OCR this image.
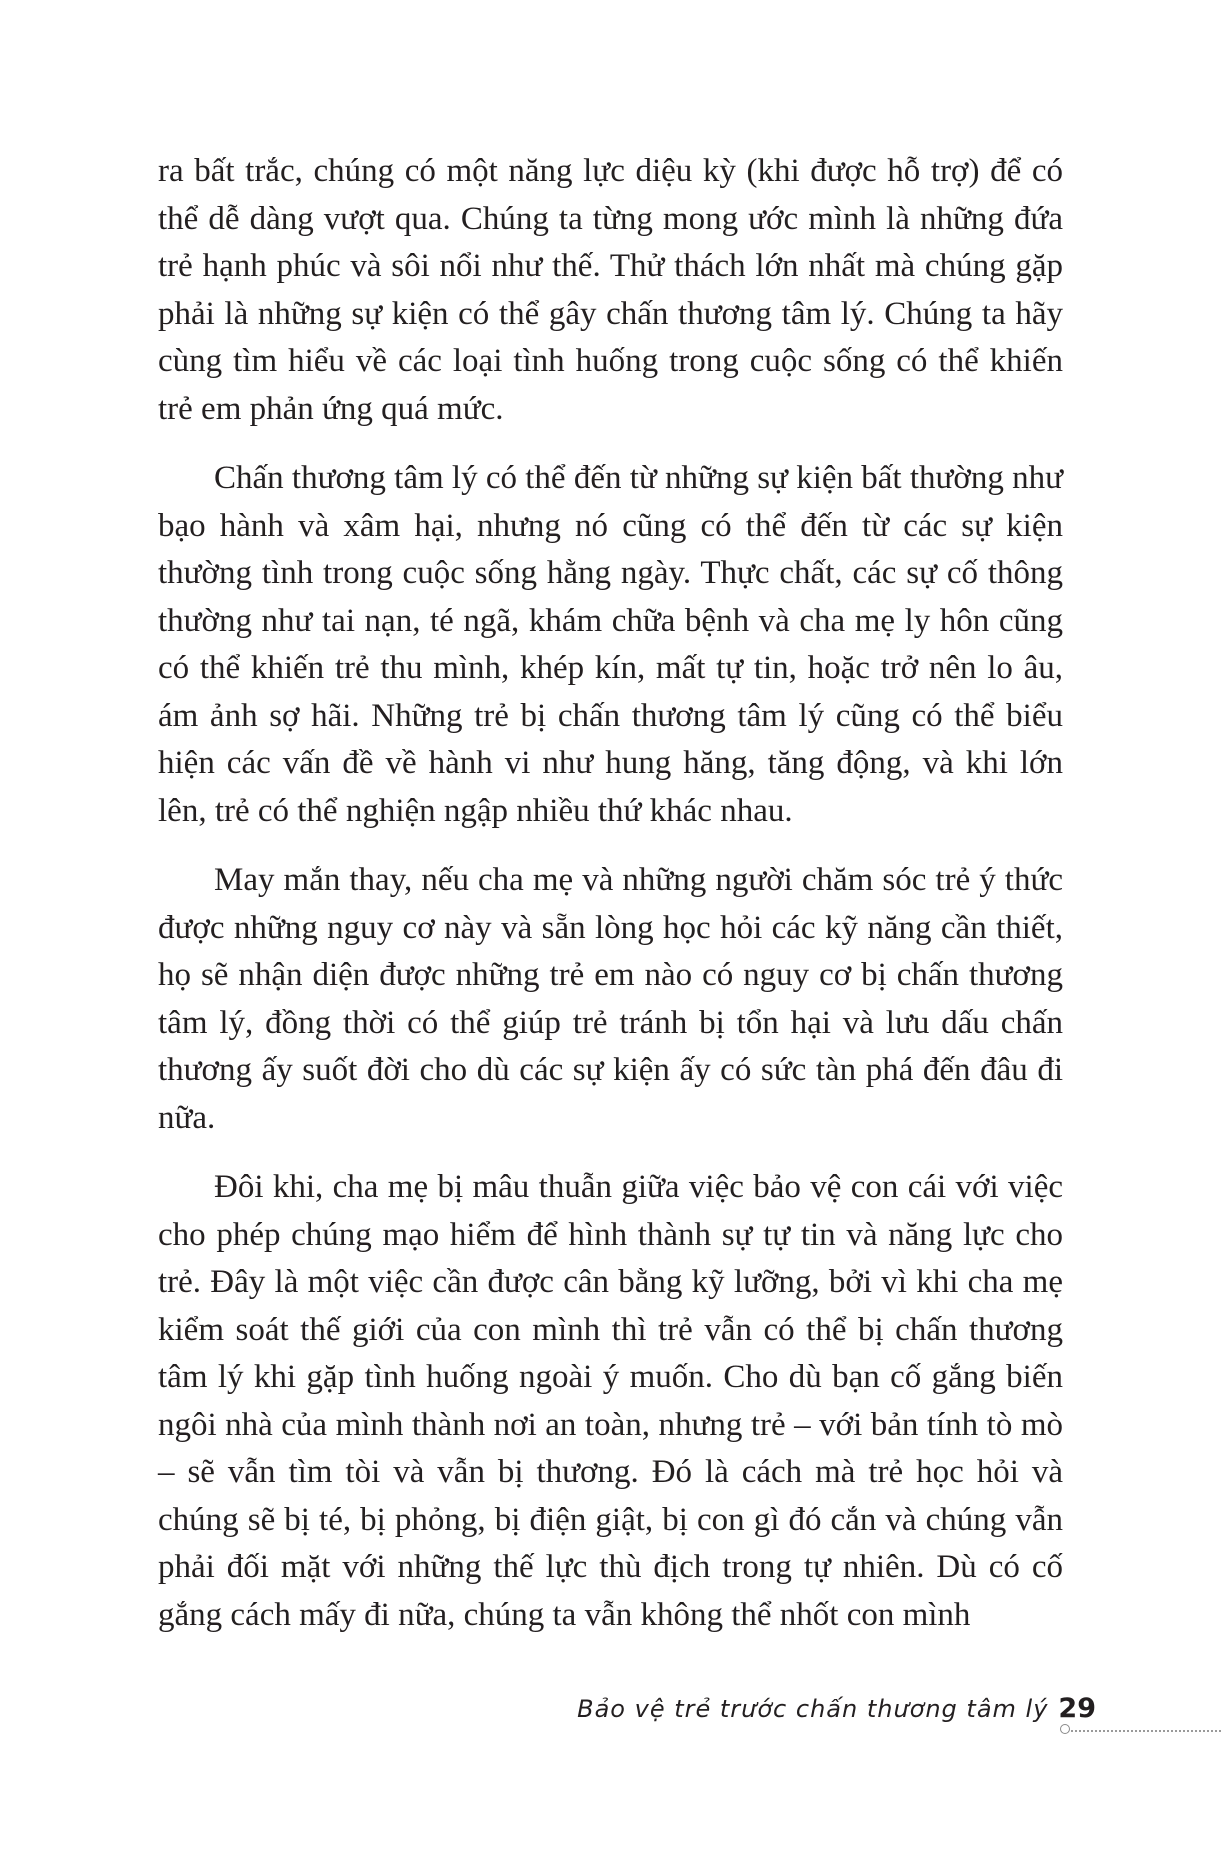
ra bất trắc, chúng có một năng lực diệu kỳ (khi được hỗ trợ) để có thể dễ dàng vượt qua. Chúng ta từng mong ước mình là những đứa trẻ hạnh phúc và sôi nổi như thế. Thử thách lớn nhất mà chúng gặp phải là những sự kiện có thể gây chấn thương tâm lý. Chúng ta hãy cùng tìm hiểu về các loại tình huống trong cuộc sống có thể khiến trẻ em phản ứng quá mức.

Chấn thương tâm lý có thể đến từ những sự kiện bất thường như bạo hành và xâm hại, nhưng nó cũng có thể đến từ các sự kiện thường tình trong cuộc sống hằng ngày. Thực chất, các sự cố thông thường như tai nạn, té ngã, khám chữa bệnh và cha mẹ ly hôn cũng có thể khiến trẻ thu mình, khép kín, mất tự tin, hoặc trở nên lo âu, ám ảnh sợ hãi. Những trẻ bị chấn thương tâm lý cũng có thể biểu hiện các vấn đề về hành vi như hung hăng, tăng động, và khi lớn lên, trẻ có thể nghiện ngập nhiều thứ khác nhau.

May mắn thay, nếu cha mẹ và những người chăm sóc trẻ ý thức được những nguy cơ này và sẵn lòng học hỏi các kỹ năng cần thiết, họ sẽ nhận diện được những trẻ em nào có nguy cơ bị chấn thương tâm lý, đồng thời có thể giúp trẻ tránh bị tổn hại và lưu dấu chấn thương ấy suốt đời cho dù các sự kiện ấy có sức tàn phá đến đâu đi nữa.

Đôi khi, cha mẹ bị mâu thuẫn giữa việc bảo vệ con cái với việc cho phép chúng mạo hiểm để hình thành sự tự tin và năng lực cho trẻ. Đây là một việc cần được cân bằng kỹ lưỡng, bởi vì khi cha mẹ kiểm soát thế giới của con mình thì trẻ vẫn có thể bị chấn thương tâm lý khi gặp tình huống ngoài ý muốn. Cho dù bạn cố gắng biến ngôi nhà của mình thành nơi an toàn, nhưng trẻ – với bản tính tò mò – sẽ vẫn tìm tòi và vẫn bị thương. Đó là cách mà trẻ học hỏi và chúng sẽ bị té, bị phỏng, bị điện giật, bị con gì đó cắn và chúng vẫn phải đối mặt với những thế lực thù địch trong tự nhiên. Dù có cố gắng cách mấy đi nữa, chúng ta vẫn không thể nhốt con mình

Bảo vệ trẻ trước chấn thương tâm lý 29
